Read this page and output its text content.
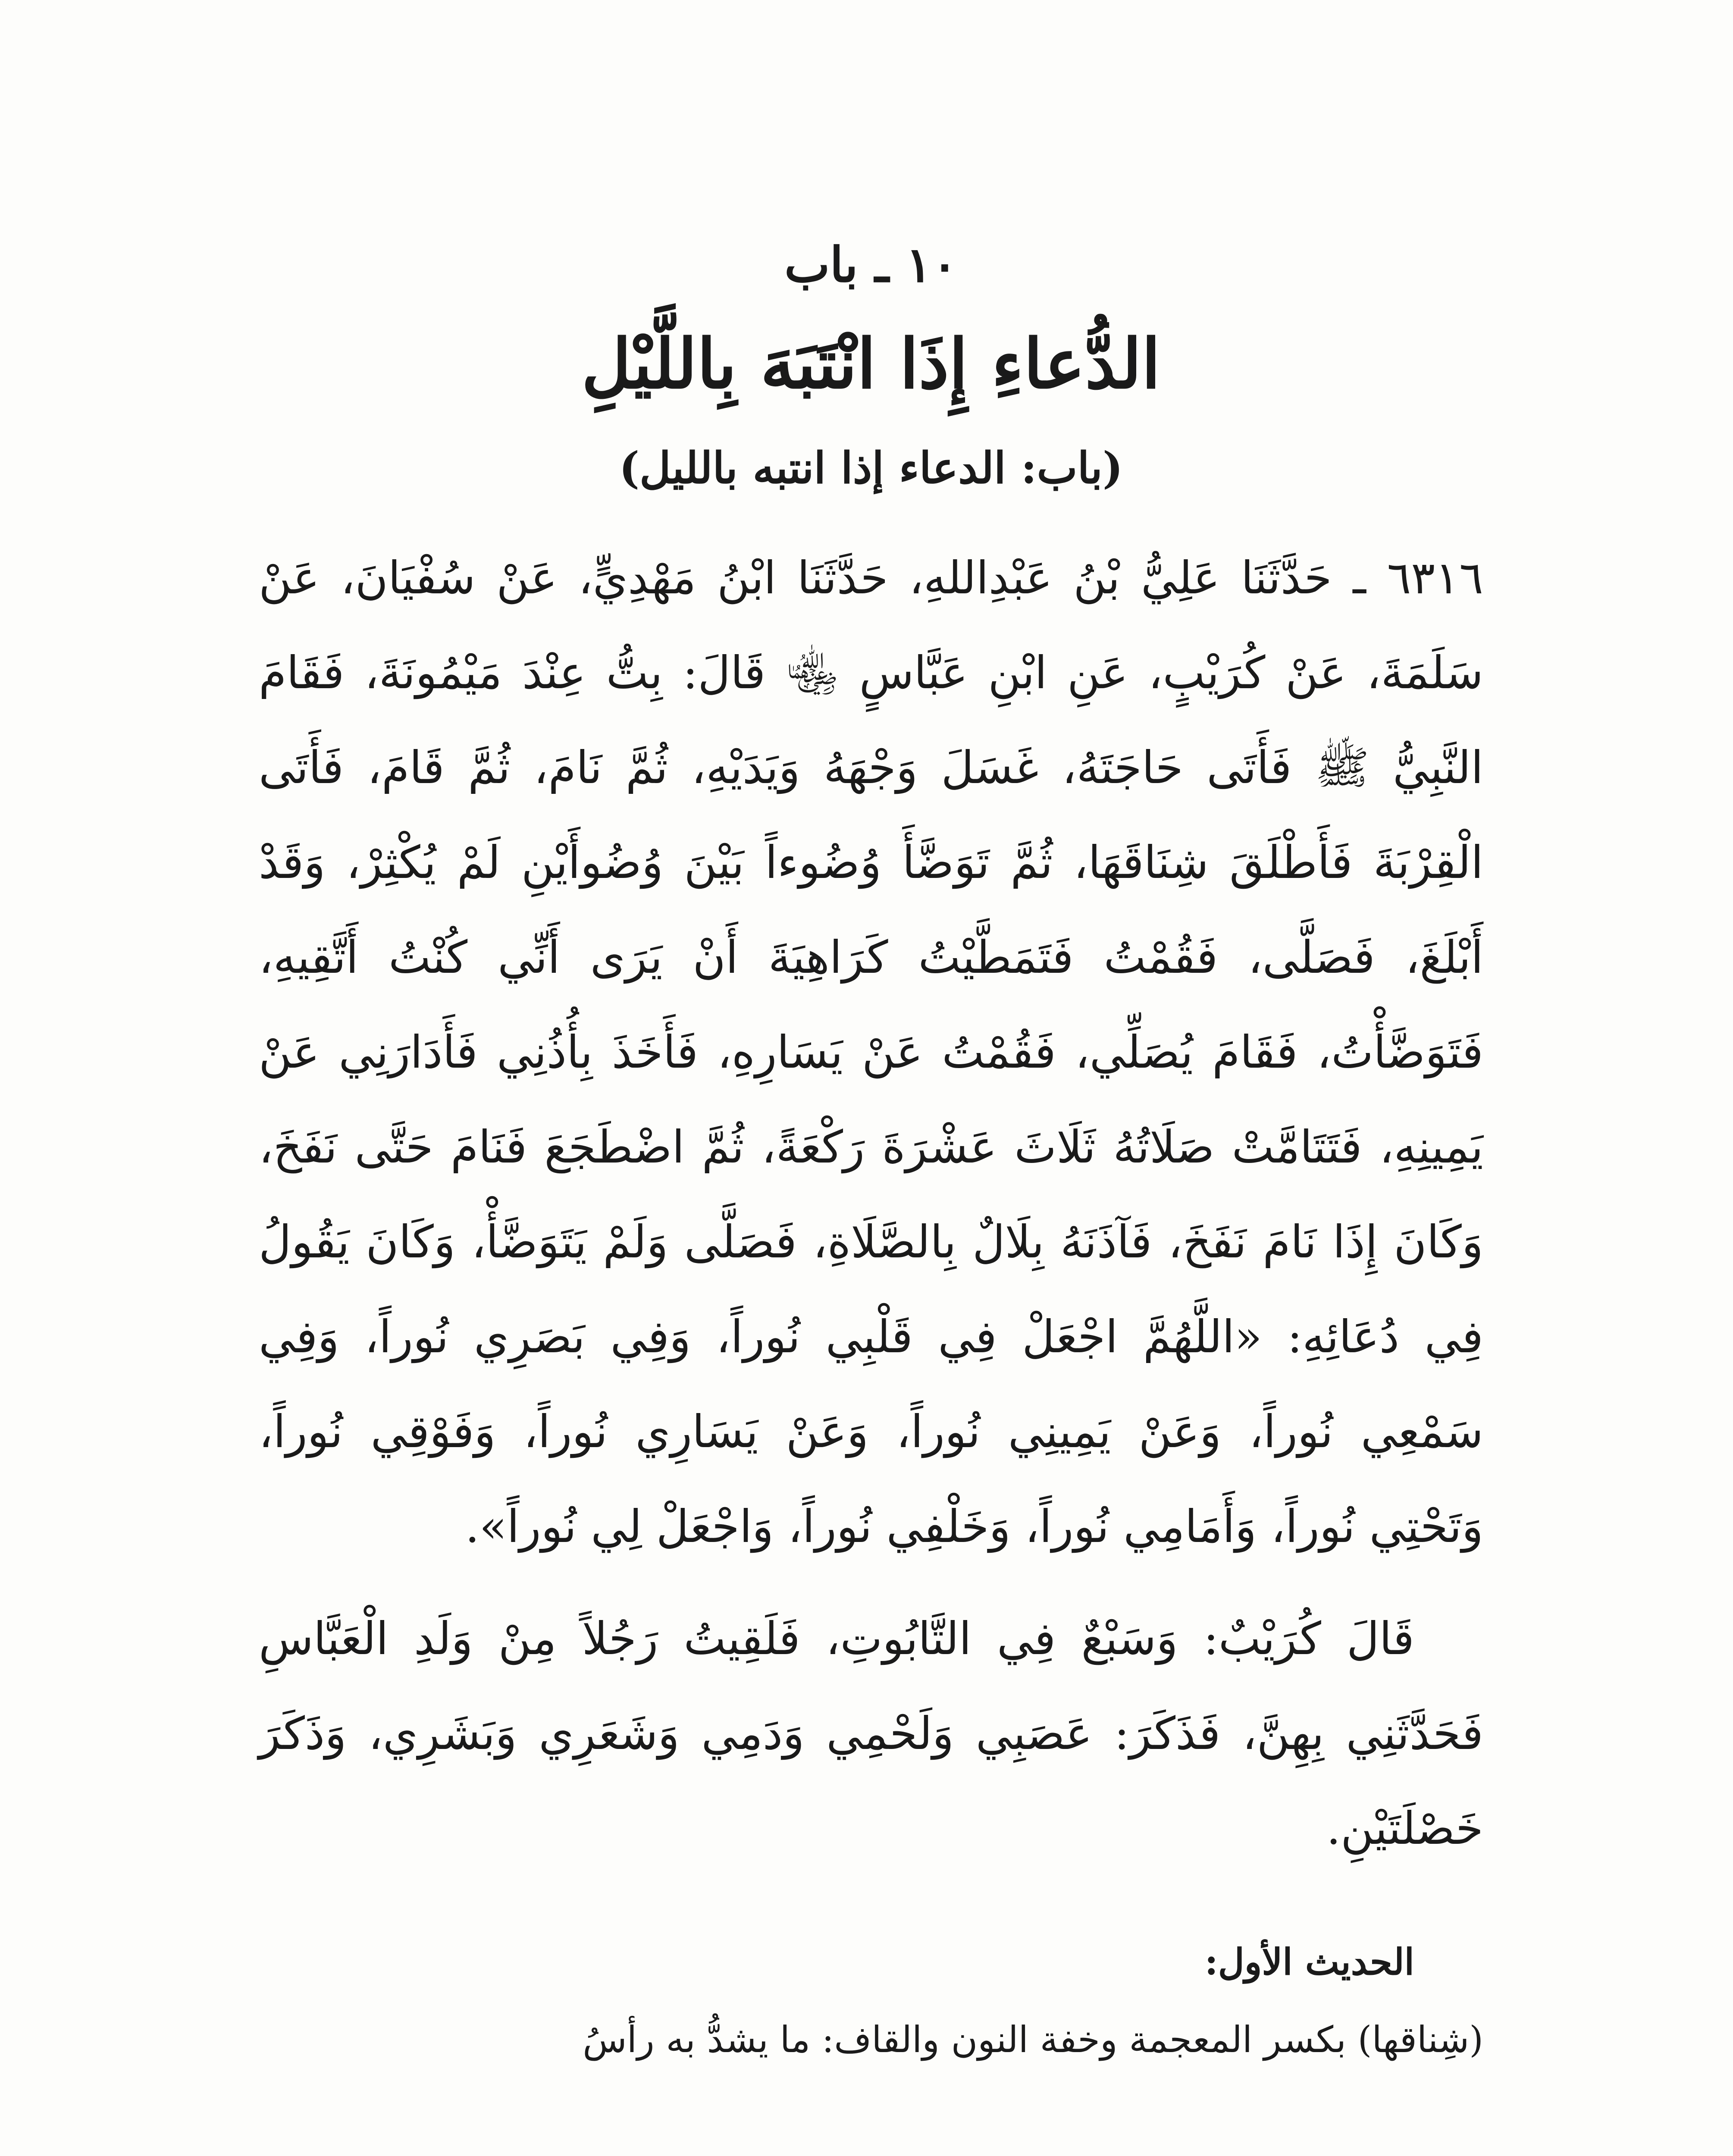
١٠ ـ باب

الدُّعاءِ إِذَا انْتَبَهَ بِاللَّيْلِ

(باب: الدعاء إذا انتبه بالليل)

٦٣١٦ ـ حَدَّثَنَا عَلِيُّ بْنُ عَبْدِاللهِ، حَدَّثَنَا ابْنُ مَهْدِيٍّ، عَنْ سُفْيَانَ، عَنْ سَلَمَةَ، عَنْ كُرَيْبٍ، عَنِ ابْنِ عَبَّاسٍ ﵄ قَالَ: بِتُّ عِنْدَ مَيْمُونَةَ، فَقَامَ النَّبِيُّ ﷺ فَأَتَى حَاجَتَهُ، غَسَلَ وَجْهَهُ وَيَدَيْهِ، ثُمَّ نَامَ، ثُمَّ قَامَ، فَأَتَى الْقِرْبَةَ فَأَطْلَقَ شِنَاقَهَا، ثُمَّ تَوَضَّأَ وُضُوءاً بَيْنَ وُضُوأَيْنِ لَمْ يُكْثِرْ، وَقَدْ أَبْلَغَ، فَصَلَّى، فَقُمْتُ فَتَمَطَّيْتُ كَرَاهِيَةَ أَنْ يَرَى أَنِّي كُنْتُ أَتَّقِيهِ، فَتَوَضَّأْتُ، فَقَامَ يُصَلِّي، فَقُمْتُ عَنْ يَسَارِهِ، فَأَخَذَ بِأُذُنِي فَأَدَارَنِي عَنْ يَمِينِهِ، فَتَتَامَّتْ صَلَاتُهُ ثَلَاثَ عَشْرَةَ رَكْعَةً، ثُمَّ اضْطَجَعَ فَنَامَ حَتَّى نَفَخَ، وَكَانَ إِذَا نَامَ نَفَخَ، فَآذَنَهُ بِلَالٌ بِالصَّلَاةِ، فَصَلَّى وَلَمْ يَتَوَضَّأْ، وَكَانَ يَقُولُ فِي دُعَائِهِ: «اللَّهُمَّ اجْعَلْ فِي قَلْبِي نُوراً، وَفِي بَصَرِي نُوراً، وَفِي سَمْعِي نُوراً، وَعَنْ يَمِينِي نُوراً، وَعَنْ يَسَارِي نُوراً، وَفَوْقِي نُوراً، وَتَحْتِي نُوراً، وَأَمَامِي نُوراً، وَخَلْفِي نُوراً، وَاجْعَلْ لِي نُوراً».

قَالَ كُرَيْبٌ: وَسَبْعٌ فِي التَّابُوتِ، فَلَقِيتُ رَجُلاً مِنْ وَلَدِ الْعَبَّاسِ فَحَدَّثَنِي بِهِنَّ، فَذَكَرَ: عَصَبِي وَلَحْمِي وَدَمِي وَشَعَرِي وَبَشَرِي، وَذَكَرَ خَصْلَتَيْنِ.

الحديث الأول:

(شِناقها) بكسر المعجمة وخفة النون والقاف: ما يشدُّ به رأسُ
